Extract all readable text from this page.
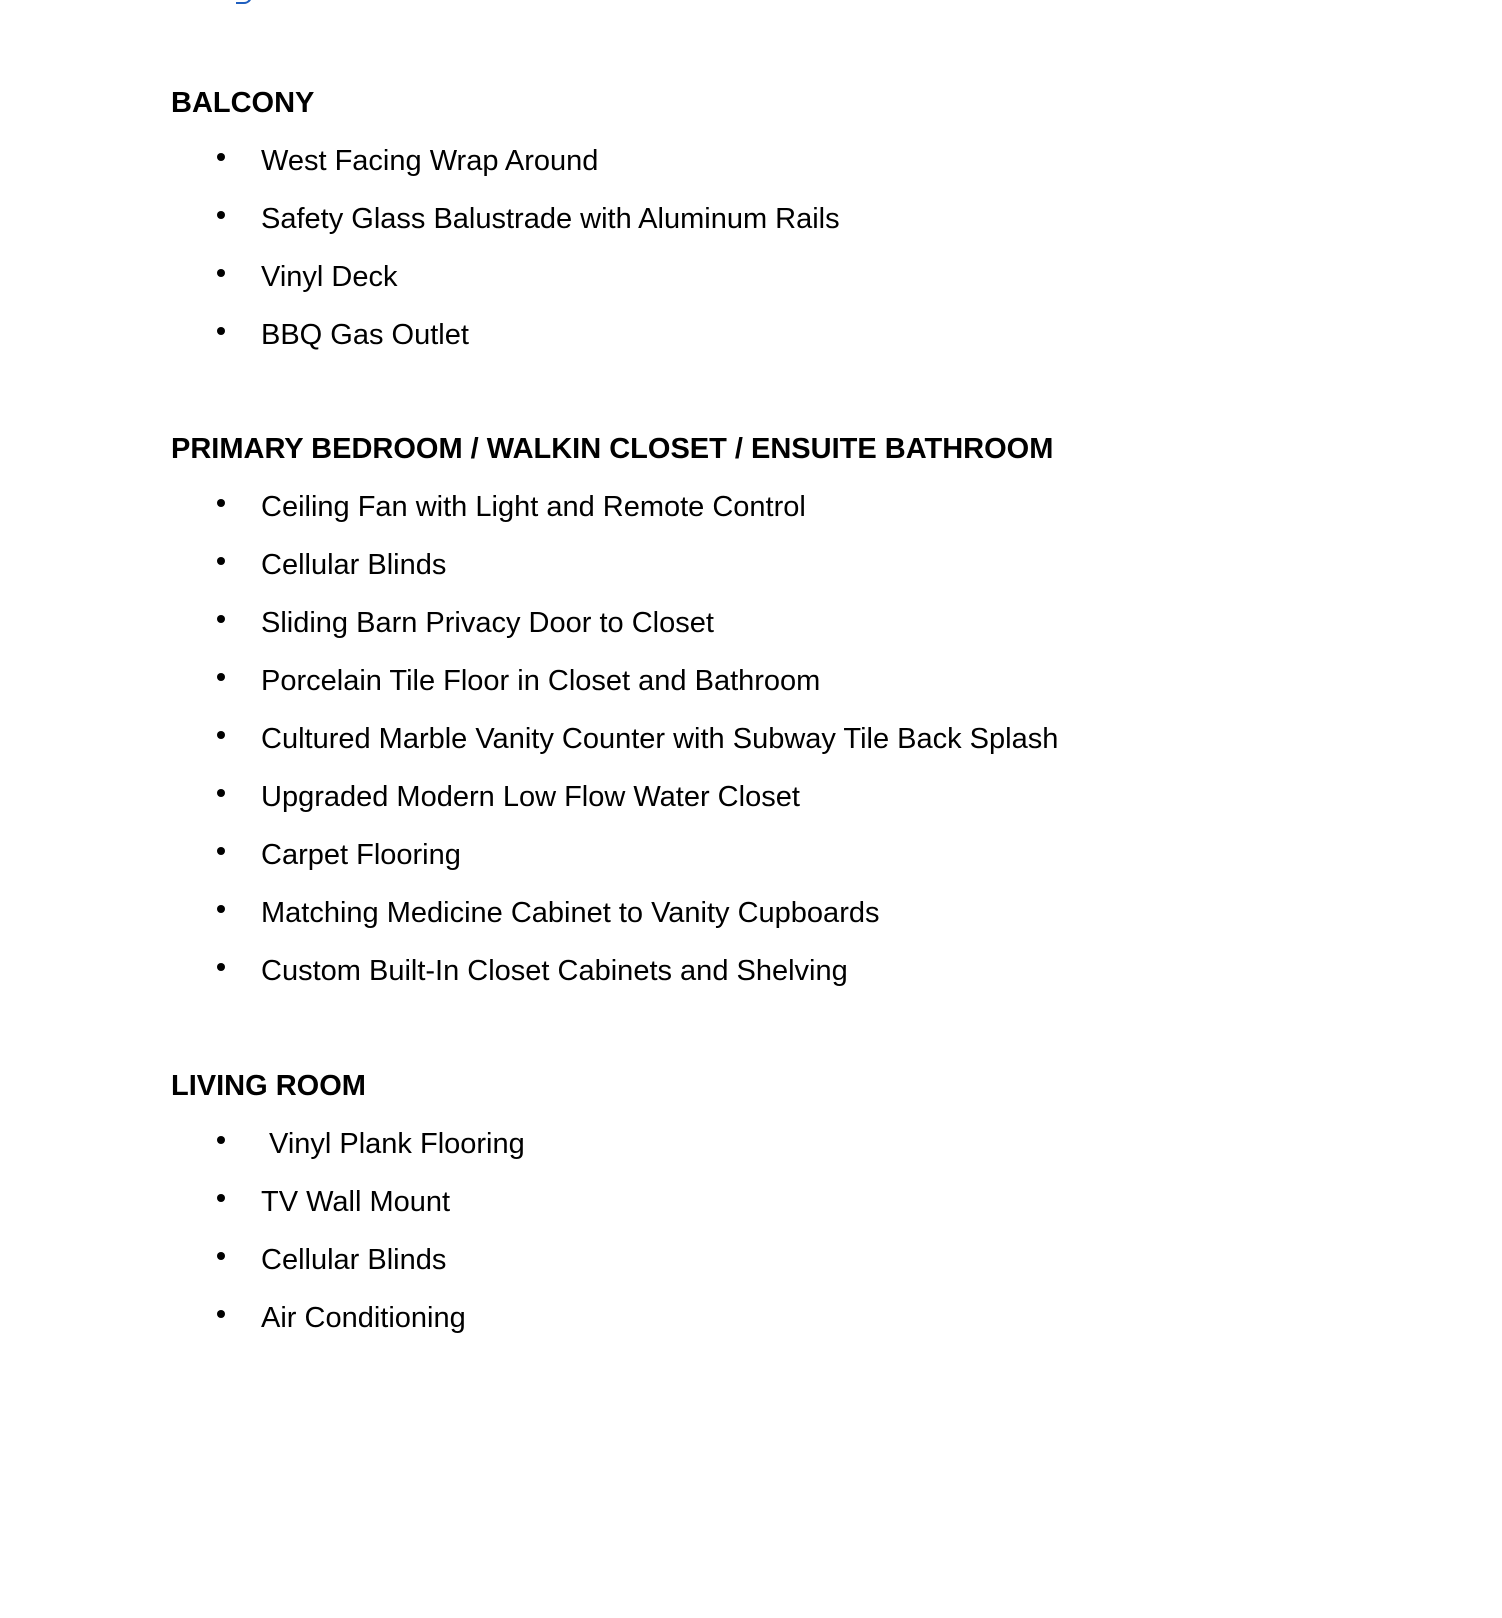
BALCONY
West Facing Wrap Around
Safety Glass Balustrade with Aluminum Rails
Vinyl Deck
BBQ Gas Outlet
PRIMARY BEDROOM / WALKIN CLOSET / ENSUITE BATHROOM
Ceiling Fan with Light and Remote Control
Cellular Blinds
Sliding Barn Privacy Door to Closet
Porcelain Tile Floor in Closet and Bathroom
Cultured Marble Vanity Counter with Subway Tile Back Splash
Upgraded Modern Low Flow Water Closet
Carpet Flooring
Matching Medicine Cabinet to Vanity Cupboards
Custom Built-In Closet Cabinets and Shelving
LIVING ROOM
Vinyl Plank Flooring
TV Wall Mount
Cellular Blinds
Air Conditioning
